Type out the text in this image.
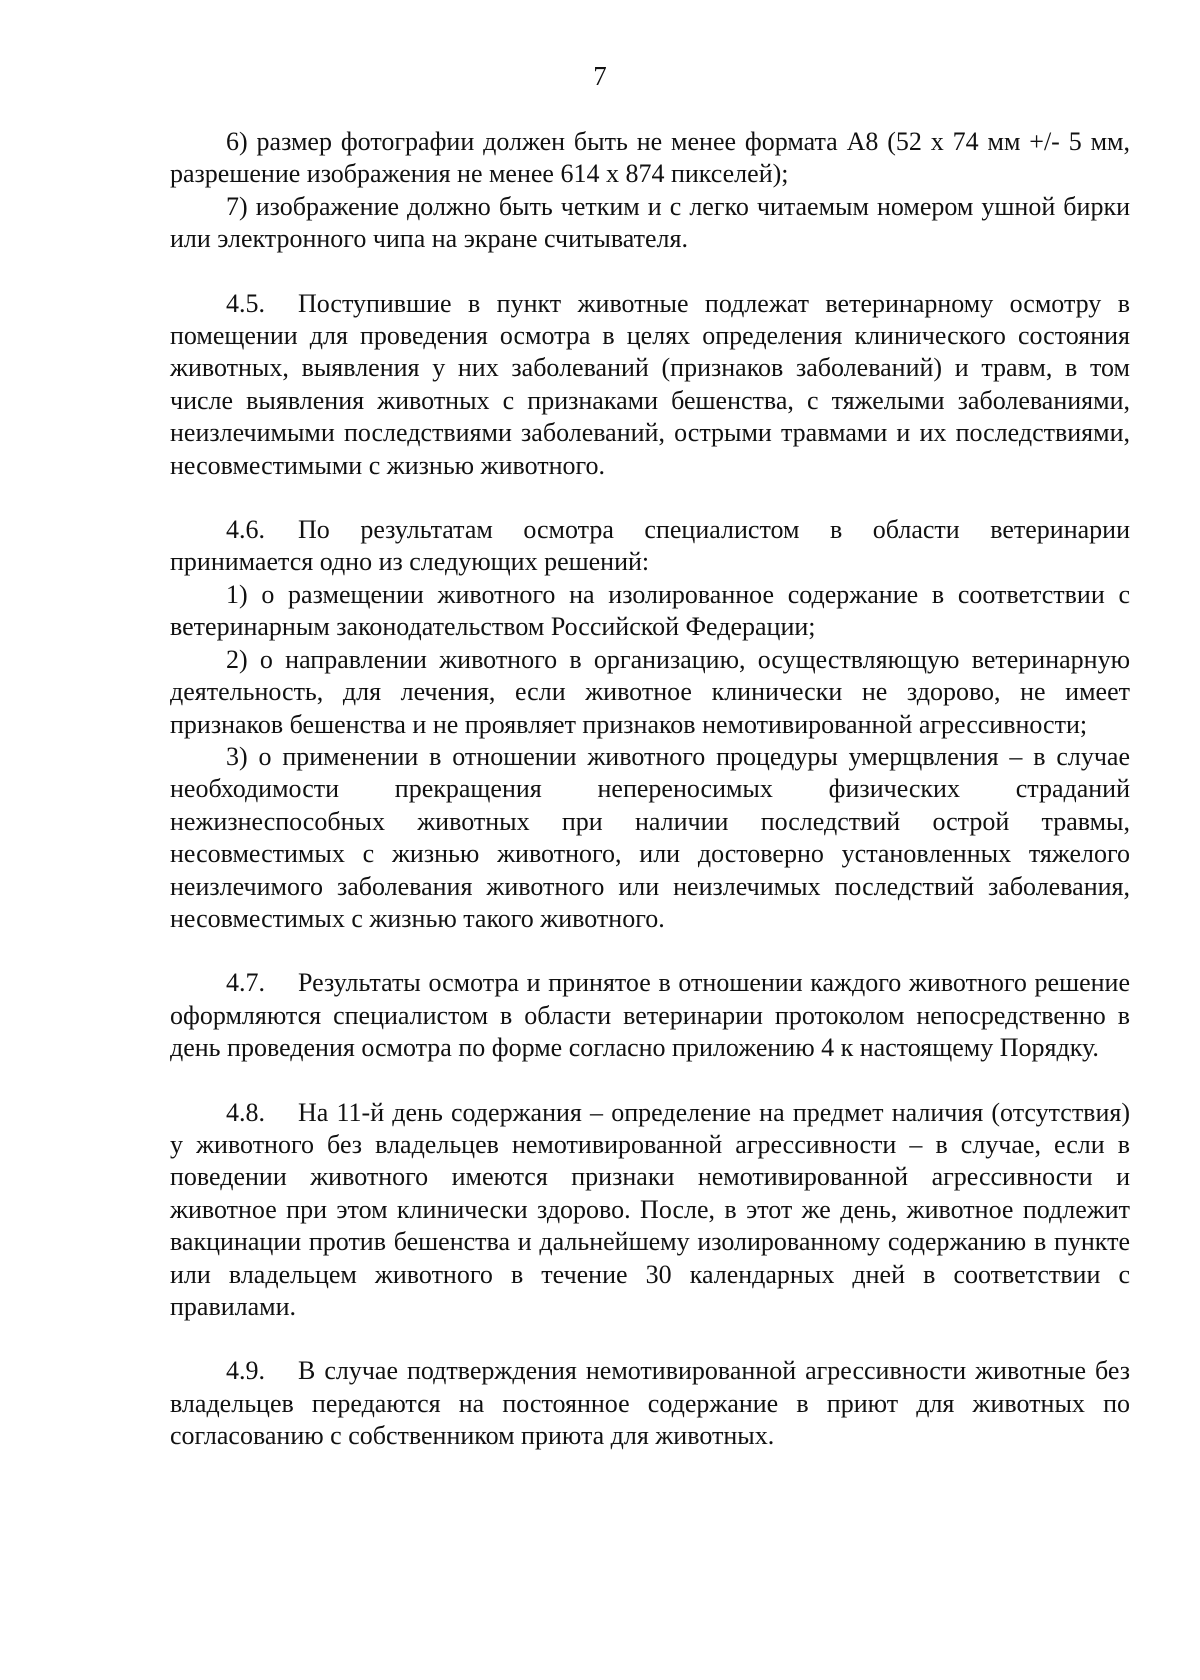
7

6) размер фотографии должен быть не менее формата А8 (52 х 74 мм +/- 5 мм, разрешение изображения не менее 614 х 874 пикселей);

7) изображение должно быть четким и с легко читаемым номером ушной бирки или электронного чипа на экране считывателя.

4.5. Поступившие в пункт животные подлежат ветеринарному осмотру в помещении для проведения осмотра в целях определения клинического состояния животных, выявления у них заболеваний (признаков заболеваний) и травм, в том числе выявления животных с признаками бешенства, с тяжелыми заболеваниями, неизлечимыми последствиями заболеваний, острыми травмами и их последствиями, несовместимыми с жизнью животного.

4.6. По результатам осмотра специалистом в области ветеринарии принимается одно из следующих решений:

1) о размещении животного на изолированное содержание в соответствии с ветеринарным законодательством Российской Федерации;

2) о направлении животного в организацию, осуществляющую ветеринарную деятельность, для лечения, если животное клинически не здорово, не имеет признаков бешенства и не проявляет признаков немотивированной агрессивности;

3) о применении в отношении животного процедуры умерщвления – в случае необходимости прекращения непереносимых физических страданий нежизнеспособных животных при наличии последствий острой травмы, несовместимых с жизнью животного, или достоверно установленных тяжелого неизлечимого заболевания животного или неизлечимых последствий заболевания, несовместимых с жизнью такого животного.

4.7. Результаты осмотра и принятое в отношении каждого животного решение оформляются специалистом в области ветеринарии протоколом непосредственно в день проведения осмотра по форме согласно приложению 4 к настоящему Порядку.

4.8. На 11-й день содержания – определение на предмет наличия (отсутствия) у животного без владельцев немотивированной агрессивности – в случае, если в поведении животного имеются признаки немотивированной агрессивности и животное при этом клинически здорово. После, в этот же день, животное подлежит вакцинации против бешенства и дальнейшему изолированному содержанию в пункте или владельцем животного в течение 30 календарных дней в соответствии с правилами.

4.9. В случае подтверждения немотивированной агрессивности животные без владельцев передаются на постоянное содержание в приют для животных по согласованию с собственником приюта для животных.
